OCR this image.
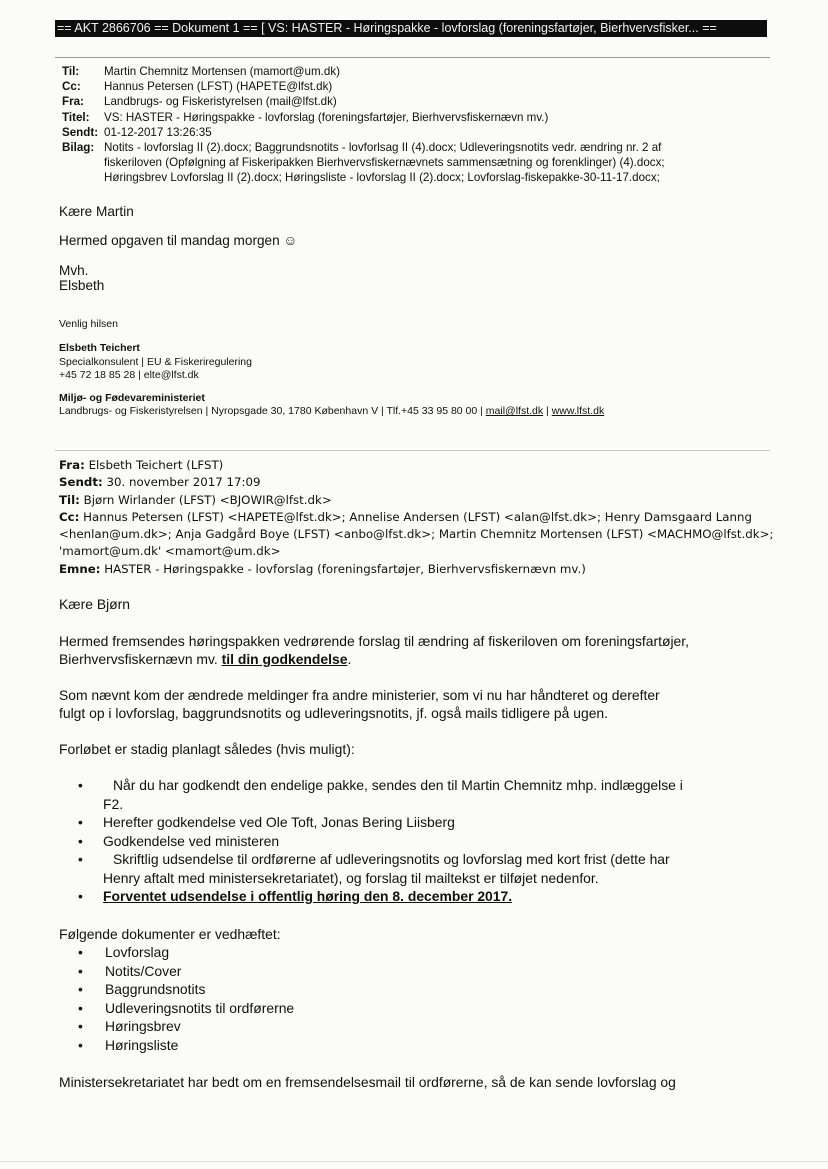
== AKT 2866706 == Dokument 1 == [ VS: HASTER - Høringspakke - lovforslag (foreningsfartøjer, Bierhvervsfisker... ==
Til:	Martin Chemnitz Mortensen (mamort@um.dk)
Cc:	Hannus Petersen (LFST) (HAPETE@lfst.dk)
Fra:	Landbrugs- og Fiskeristyrelsen (mail@lfst.dk)
Titel:	VS: HASTER - Høringspakke - lovforslag (foreningsfartøjer, Bierhvervsfiskernævn mv.)
Sendt: 01-12-2017 13:26:35
Bilag: Notits - lovforslag II (2).docx; Baggrundsnotits - lovforlsag II (4).docx; Udleveringsnotits vedr. ændring nr. 2 af
fiskeriloven (Opfølgning af Fiskeripakken Bierhvervsfiskernævnets sammensætning og forenklinger) (4).docx;
Høringsbrev Lovforslag II (2).docx; Høringsliste - lovforslag II (2).docx; Lovforslag-fiskepakke-30-11-17.docx;

Kære Martin

Hermed opgaven til mandag morgen ☺

Mvh.

Elsbeth

Venlig hilsen
Elsbeth Teichert
Specialkonsulent | EU & Fiskeriregulering
+45 72 18 85 28 | elte@lfst.dk
Miljø- og Fødevareministeriet
Landbrugs- og Fiskeristyrelsen | Nyropsgade 30, 1780 København V | Tlf.+45 33 95 80 00 | mail@lfst.dk | www.lfst.dk
Fra: Elsbeth Teichert (LFST)
Sendt: 30. november 2017 17:09
Til: Bjørn Wirlander (LFST) <BJOWIR@lfst.dk>
Cc: Hannus Petersen (LFST) <HAPETE@lfst.dk>; Annelise Andersen (LFST) <alan@lfst.dk>; Henry Damsgaard Lanng
<henlan@um.dk>; Anja Gadgård Boye (LFST) <anbo@lfst.dk>; Martin Chemnitz Mortensen (LFST) <MACHMO@lfst.dk>;
'mamort@um.dk' <mamort@um.dk>
Emne: HASTER - Høringspakke - lovforslag (foreningsfartøjer, Bierhvervsfiskernævn mv.)

Kære Bjørn

Hermed fremsendes høringspakken vedrørende forslag til ændring af fiskeriloven om foreningsfartøjer,
Bierhvervsfiskernævn mv. til din godkendelse.

Som nævnt kom der ændrede meldinger fra andre ministerier, som vi nu har håndteret og derefter
fulgt op i lovforslag, baggrundsnotits og udleveringsnotits, jf. også mails tidligere på ugen.

Forløbet er stadig planlagt således (hvis muligt):

•	Når du har godkendt den endelige pakke, sendes den til Martin Chemnitz mhp. indlæggelse i
F2.
• Herefter godkendelse ved Ole Toft, Jonas Bering Liisberg
• Godkendelse ved ministeren
•	Skriftlig udsendelse til ordførerne af udleveringsnotits og lovforslag med kort frist (dette har
Henry aftalt med ministersekretariatet), og forslag til mailtekst er tilføjet nedenfor.
• Forventet udsendelse i offentlig høring den 8. december 2017.

Følgende dokumenter er vedhæftet:

• Lovforslag
• Notits/Cover
• Baggrundsnotits
• Udleveringsnotits til ordførerne
• Høringsbrev
• Høringsliste

Ministersekretariatet har bedt om en fremsendelsesmail til ordførerne, så de kan sende lovforslag og
